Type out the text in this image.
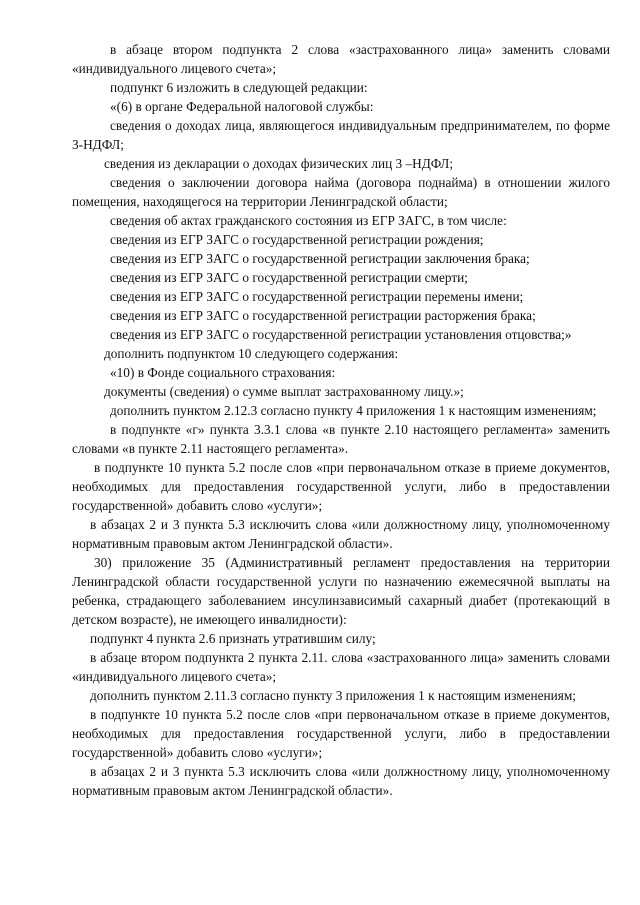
в абзаце втором подпункта 2 слова «застрахованного лица» заменить словами «индивидуального лицевого счета»;

подпункт 6 изложить в следующей редакции:

«(6) в органе Федеральной налоговой службы:

сведения о доходах лица, являющегося индивидуальным предпринимателем, по форме 3-НДФЛ;

сведения из декларации о доходах физических лиц 3 –НДФЛ;

сведения о заключении договора найма (договора поднайма) в отношении жилого помещения, находящегося на территории Ленинградской области;

сведения об актах гражданского состояния из ЕГР ЗАГС, в том числе:

сведения из ЕГР ЗАГС о государственной регистрации рождения;

сведения из ЕГР ЗАГС о государственной регистрации заключения брака;

сведения из ЕГР ЗАГС о государственной регистрации смерти;

сведения из ЕГР ЗАГС о государственной регистрации перемены имени;

сведения из ЕГР ЗАГС о государственной регистрации расторжения брака;

сведения из ЕГР ЗАГС о государственной регистрации установления отцовства;»

дополнить подпунктом 10 следующего содержания:

«10) в Фонде социального страхования:

документы (сведения) о сумме выплат застрахованному лицу.»;

дополнить пунктом 2.12.3 согласно пункту 4 приложения 1 к настоящим изменениям;

в подпункте «г» пункта 3.3.1 слова «в пункте 2.10 настоящего регламента» заменить словами «в пункте 2.11 настоящего регламента».

в подпункте 10 пункта 5.2 после слов «при первоначальном отказе в приеме документов, необходимых для предоставления государственной услуги, либо в предоставлении государственной» добавить слово «услуги»;

в абзацах 2 и 3 пункта 5.3 исключить слова «или должностному лицу, уполномоченному нормативным правовым актом Ленинградской области».

30) приложение 35 (Административный регламент предоставления на территории Ленинградской области государственной услуги по назначению ежемесячной выплаты на ребенка, страдающего заболеванием инсулинзависимый сахарный диабет (протекающий в детском возрасте), не имеющего инвалидности):

подпункт 4 пункта 2.6 признать утратившим силу;

в абзаце втором подпункта 2 пункта 2.11. слова «застрахованного лица» заменить словами «индивидуального лицевого счета»;

дополнить пунктом 2.11.3 согласно пункту 3 приложения 1 к настоящим изменениям;

в подпункте 10 пункта 5.2 после слов «при первоначальном отказе в приеме документов, необходимых для предоставления государственной услуги, либо в предоставлении государственной» добавить слово «услуги»;

в абзацах 2 и 3 пункта 5.3 исключить слова «или должностному лицу, уполномоченному нормативным правовым актом Ленинградской области».
